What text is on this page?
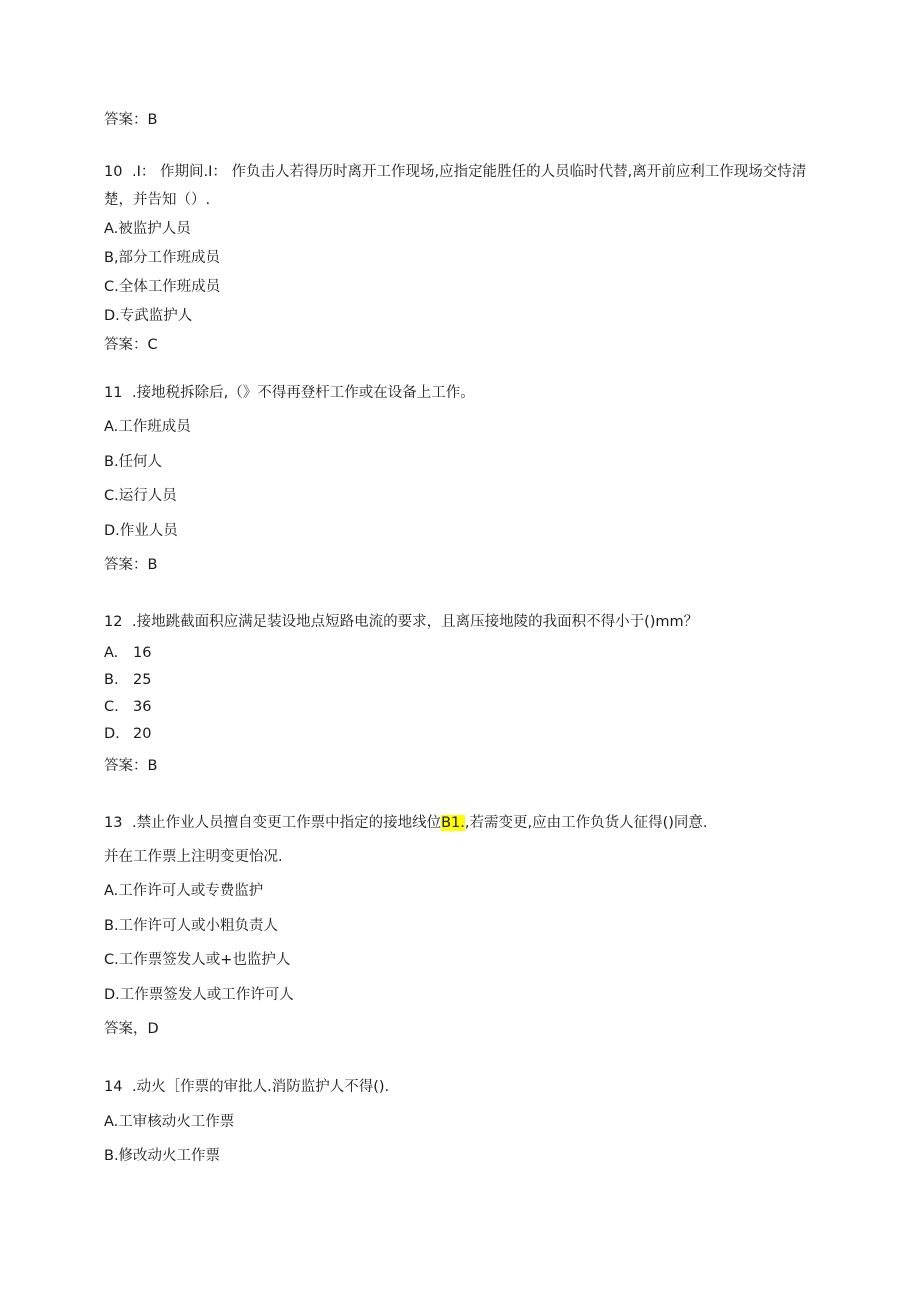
答案：B
10 .I： 作期间.I： 作负击人若得历时离开工作现场,应指定能胜任的人员临时代替,离开前应利工作现场交恃清
楚，并告知（）.
A.被监护人员
B,部分工作班成员
C.全体工作班成员
D.专武监护人
答案：C
11 .接地税拆除后,（》不得再登杆工作或在设备上工作。
A.工作班成员
B.任何人
C.运行人员
D.作业人员
答案：B
12 .接地跳截面积应满足装设地点短路电流的要求，且离压接地陵的我面积不得小于()mm？
A. 16
B. 25
C. 36
D. 20
答案：B
13 .禁止作业人员擅自变更工作票中指定的接地线位B1.,若需变更,应由工作负货人征得()同意.
并在工作票上注明变更怡况.
A.工作许可人或专费监护
B.工作许可人或小粗负责人
C.工作票签发人或+也监护人
D.工作票签发人或工作许可人
答案，D
14 .动火［作票的审批人.消防监护人不得().
A.工审核动火工作票
B.修改动火工作票
